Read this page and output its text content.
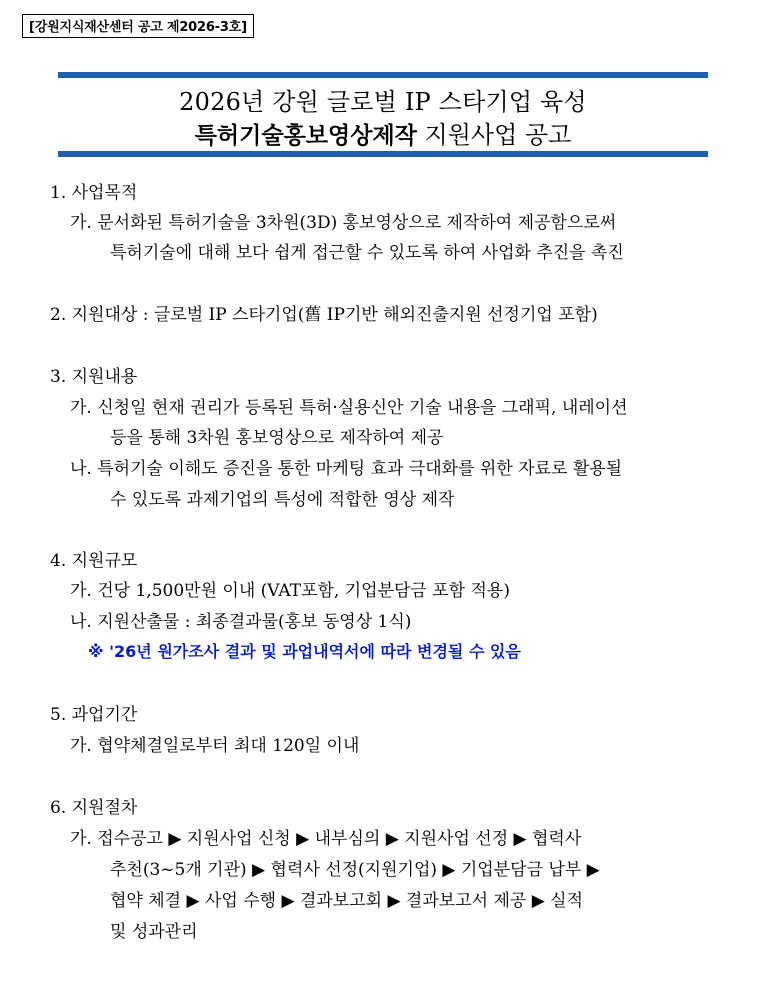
[강원지식재산센터 공고 제2026-3호]
2026년 강원 글로벌 IP 스타기업 육성
특허기술홍보영상제작 지원사업 공고
1. 사업목적
가. 문서화된 특허기술을 3차원(3D) 홍보영상으로 제작하여 제공함으로써
특허기술에 대해 보다 쉽게 접근할 수 있도록 하여 사업화 추진을 촉진
2. 지원대상 : 글로벌 IP 스타기업(舊 IP기반 해외진출지원 선정기업 포함)
3. 지원내용
가. 신청일 현재 권리가 등록된 특허·실용신안 기술 내용을 그래픽, 내레이션
등을 통해 3차원 홍보영상으로 제작하여 제공
나. 특허기술 이해도 증진을 통한 마케팅 효과 극대화를 위한 자료로 활용될
수 있도록 과제기업의 특성에 적합한 영상 제작
4. 지원규모
가. 건당 1,500만원 이내 (VAT포함, 기업분담금 포함 적용)
나. 지원산출물 : 최종결과물(홍보 동영상 1식)
※ '26년 원가조사 결과 및 과업내역서에 따라 변경될 수 있음
5. 과업기간
가. 협약체결일로부터 최대 120일 이내
6. 지원절차
가. 접수공고 ▶ 지원사업 신청 ▶ 내부심의 ▶ 지원사업 선정 ▶ 협력사
추천(3~5개 기관) ▶ 협력사 선정(지원기업) ▶ 기업분담금 납부 ▶
협약 체결 ▶ 사업 수행 ▶ 결과보고회 ▶ 결과보고서 제공 ▶ 실적
및 성과관리
